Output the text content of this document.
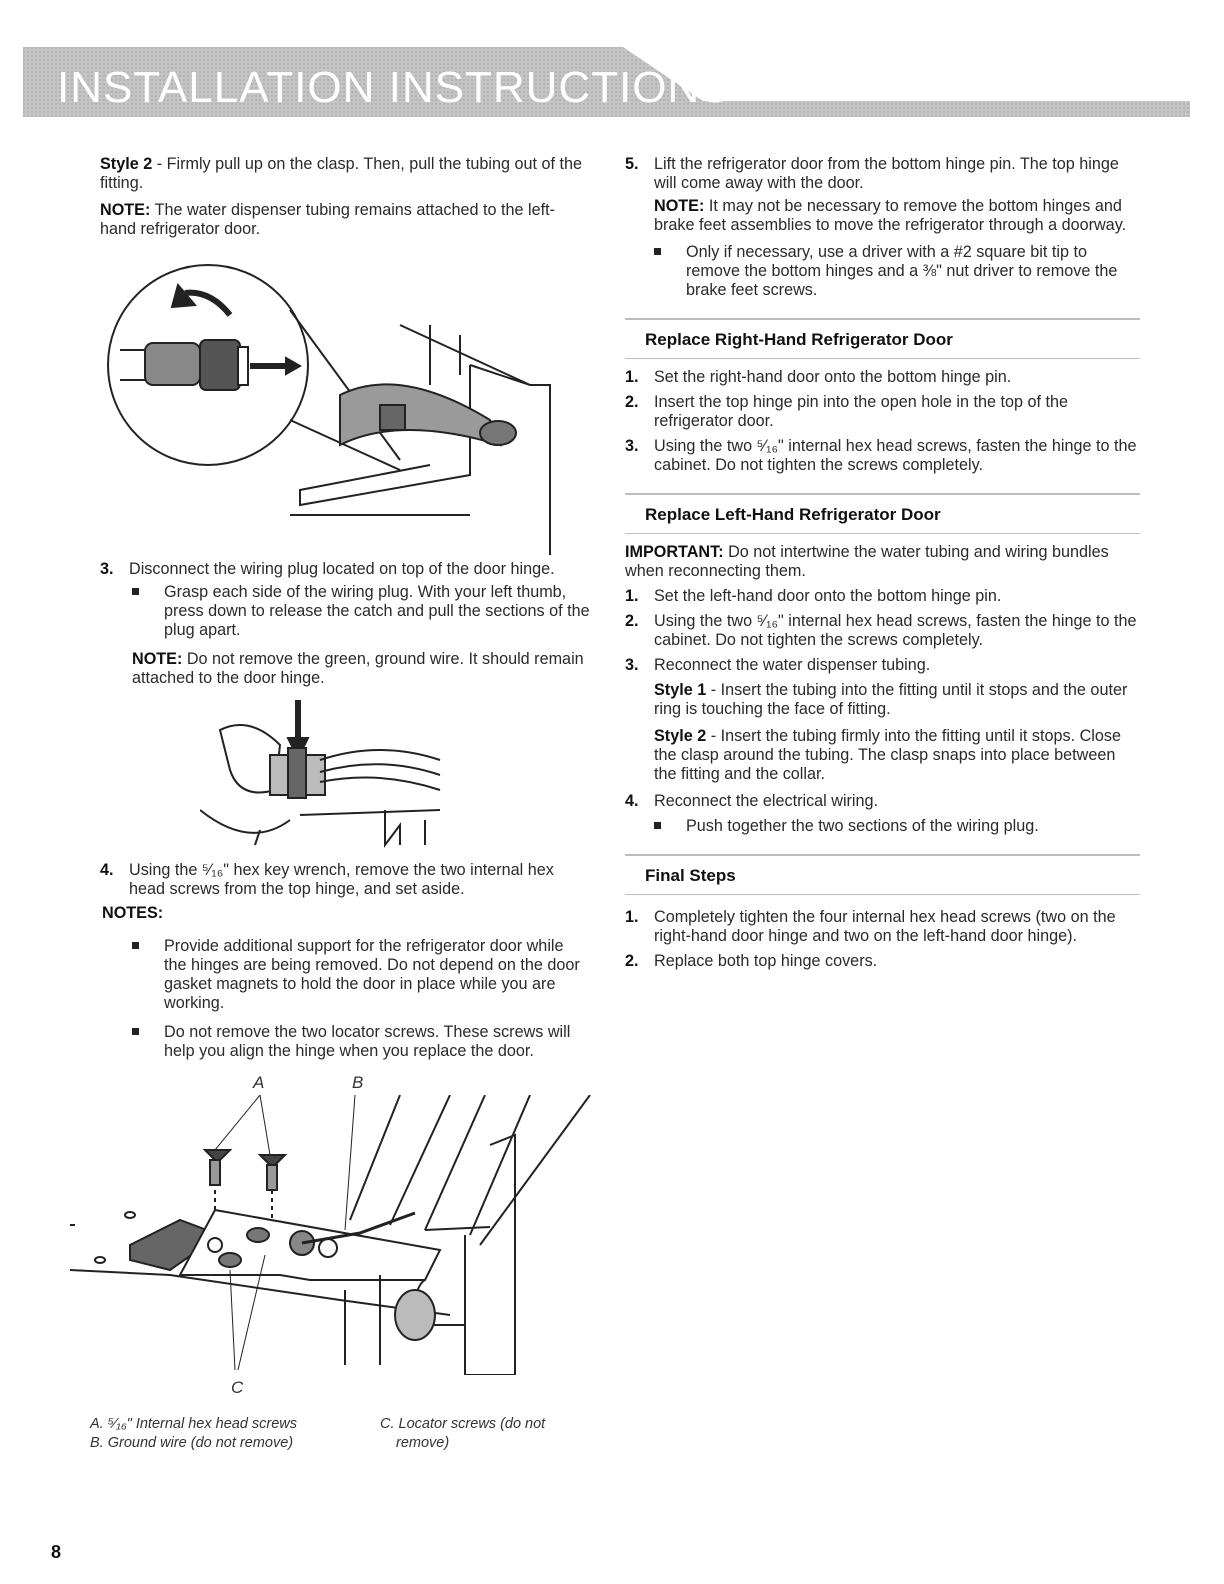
INSTALLATION INSTRUCTIONS

Style 2 - Firmly pull up on the clasp. Then, pull the tubing out of the fitting.

NOTE: The water dispenser tubing remains attached to the left-hand refrigerator door.

3. Disconnect the wiring plug located on top of the door hinge.

Grasp each side of the wiring plug. With your left thumb, press down to release the catch and pull the sections of the plug apart.

NOTE: Do not remove the green, ground wire. It should remain attached to the door hinge.

4. Using the ⁵⁄₁₆" hex key wrench, remove the two internal hex head screws from the top hinge, and set aside.

NOTES:

Provide additional support for the refrigerator door while the hinges are being removed. Do not depend on the door gasket magnets to hold the door in place while you are working.

Do not remove the two locator screws. These screws will help you align the hinge when you replace the door.

A	B
C
A. ⁵⁄₁₆" Internal hex head screws
B. Ground wire (do not remove)
C. Locator screws (do not
remove)

5. Lift the refrigerator door from the bottom hinge pin. The top hinge will come away with the door.

NOTE: It may not be necessary to remove the bottom hinges and brake feet assemblies to move the refrigerator through a doorway.

Only if necessary, use a driver with a #2 square bit tip to remove the bottom hinges and a ⅜" nut driver to remove the brake feet screws.

Replace Right-Hand Refrigerator Door

1. Set the right-hand door onto the bottom hinge pin.

2. Insert the top hinge pin into the open hole in the top of the refrigerator door.

3. Using the two ⁵⁄₁₆" internal hex head screws, fasten the hinge to the cabinet. Do not tighten the screws completely.

Replace Left-Hand Refrigerator Door

IMPORTANT: Do not intertwine the water tubing and wiring bundles when reconnecting them.

1. Set the left-hand door onto the bottom hinge pin.

2. Using the two ⁵⁄₁₆" internal hex head screws, fasten the hinge to the cabinet. Do not tighten the screws completely.

3. Reconnect the water dispenser tubing.

Style 1 - Insert the tubing into the fitting until it stops and the outer ring is touching the face of fitting.

Style 2 - Insert the tubing firmly into the fitting until it stops. Close the clasp around the tubing. The clasp snaps into place between the fitting and the collar.

4. Reconnect the electrical wiring.

Push together the two sections of the wiring plug.

Final Steps

1. Completely tighten the four internal hex head screws (two on the right-hand door hinge and two on the left-hand door hinge).

2. Replace both top hinge covers.

8
